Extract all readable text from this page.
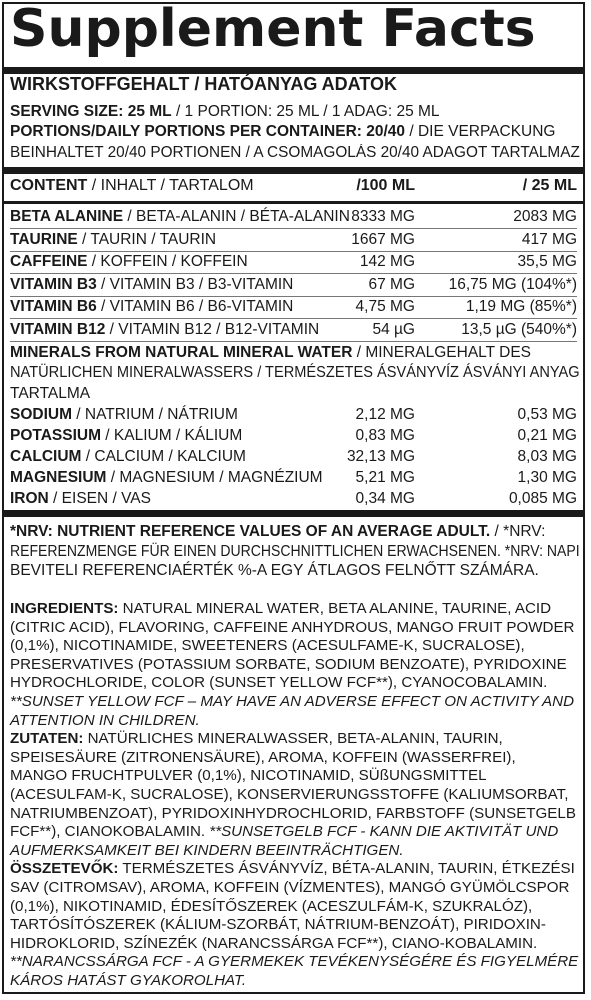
Supplement Facts
WIRKSTOFFGEHALT / HATÓANYAG ADATOK
SERVING SIZE: 25 ML / 1 PORTION: 25 ML / 1 ADAG: 25 ML
PORTIONS/DAILY PORTIONS PER CONTAINER: 20/40 / DIE VERPACKUNG
BEINHALTET 20/40 PORTIONEN / A CSOMAGOLÁS 20/40 ADAGOT TARTALMAZ
CONTENT / INHALT / TARTALOM	/100 ML	/ 25 ML
BETA ALANINE / BETA-ALANIN / BÉTA-ALANIN 8333 MG	2083 MG
TAURINE / TAURIN / TAURIN	1667 MG	417 MG
CAFFEINE / KOFFEIN / KOFFEIN	142 MG	35,5 MG
VITAMIN B3 / VITAMIN B3 / B3-VITAMIN	67 MG 16,75 MG (104%*)
VITAMIN B6 / VITAMIN B6 / B6-VITAMIN	4,75 MG	1,19 MG (85%*)
VITAMIN B12 / VITAMIN B12 / B12-VITAMIN	54 µG	13,5 µG (540%*)
MINERALS FROM NATURAL MINERAL WATER / MINERALGEHALT DES
NATÜRLICHEN MINERALWASSERS / TERMÉSZETES ÁSVÁNYVÍZ ÁSVÁNYI ANYAG
TARTALMA
SODIUM / NATRIUM / NÁTRIUM	2,12 MG	0,53 MG
POTASSIUM / KALIUM / KÁLIUM	0,83 MG	0,21 MG
CALCIUM / CALCIUM / KALCIUM	32,13 MG	8,03 MG
MAGNESIUM / MAGNESIUM / MAGNÉZIUM 5,21 MG	1,30 MG
IRON / EISEN / VAS	0,34 MG	0,085 MG
*NRV: NUTRIENT REFERENCE VALUES OF AN AVERAGE ADULT. / *NRV:
REFERENZMENGE FÜR EINEN DURCHSCHNITTLICHEN ERWACHSENEN. *NRV: NAPI
BEVITELI REFERENCIAÉRTÉK %-A EGY ÁTLAGOS FELNŐTT SZÁMÁRA.
INGREDIENTS: NATURAL MINERAL WATER, BETA ALANINE, TAURINE, ACID
(CITRIC ACID), FLAVORING, CAFFEINE ANHYDROUS, MANGO FRUIT POWDER
(0,1%), NICOTINAMIDE, SWEETENERS (ACESULFAME-K, SUCRALOSE),
PRESERVATIVES (POTASSIUM SORBATE, SODIUM BENZOATE), PYRIDOXINE
HYDROCHLORIDE, COLOR (SUNSET YELLOW FCF**), CYANOCOBALAMIN.
**SUNSET YELLOW FCF – MAY HAVE AN ADVERSE EFFECT ON ACTIVITY AND
ATTENTION IN CHILDREN.
ZUTATEN: NATÜRLICHES MINERALWASSER, BETA-ALANIN, TAURIN,
SPEISESÄURE (ZITRONENSÄURE), AROMA, KOFFEIN (WASSERFREI),
MANGO FRUCHTPULVER (0,1%), NICOTINAMID, SÜßUNGSMITTEL
(ACESULFAM-K, SUCRALOSE), KONSERVIERUNGSSTOFFE (KALIUMSORBAT,
NATRIUMBENZOAT), PYRIDOXINHYDROCHLORID, FARBSTOFF (SUNSETGELB
FCF**), CIANOKOBALAMIN. **SUNSETGELB FCF - KANN DIE AKTIVITÄT UND
AUFMERKSAMKEIT BEI KINDERN BEEINTRÄCHTIGEN.
ÖSSZETEVŐK: TERMÉSZETES ÁSVÁNYVÍZ, BÉTA-ALANIN, TAURIN, ÉTKEZÉSI
SAV (CITROMSAV), AROMA, KOFFEIN (VÍZMENTES), MANGÓ GYÜMÖLCSPOR
(0,1%), NIKOTINAMID, ÉDESÍTŐSZEREK (ACESZULFÁM-K, SZUKRALÓZ),
TARTÓSÍTÓSZEREK (KÁLIUM-SZORBÁT, NÁTRIUM-BENZOÁT), PIRIDOXIN-
HIDROKLORID, SZÍNEZÉK (NARANCSSÁRGA FCF**), CIANO-KOBALAMIN.
**NARANCSSÁRGA FCF - A GYERMEKEK TEVÉKENYSÉGÉRE ÉS FIGYELMÉRE
KÁROS HATÁST GYAKOROLHAT.
